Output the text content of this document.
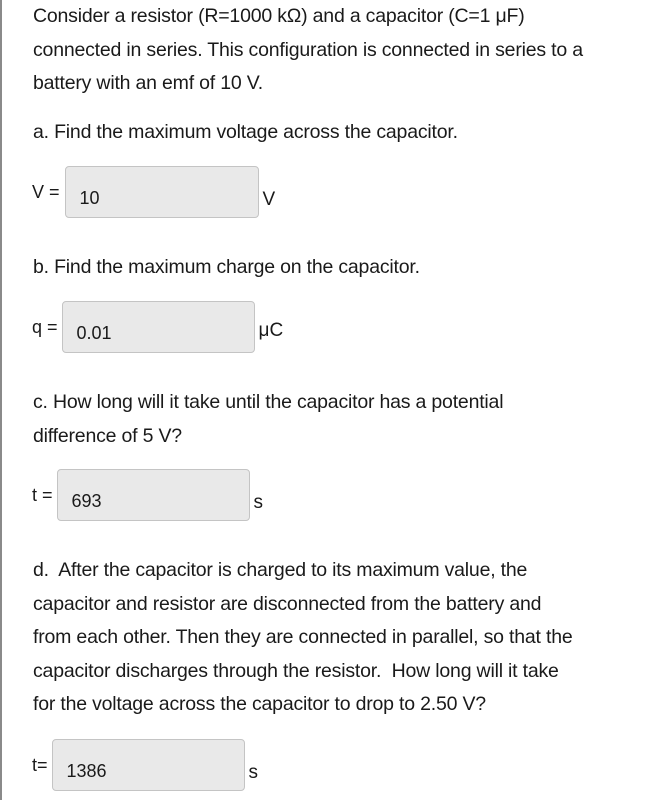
Consider a resistor (R=1000 kΩ) and a capacitor (C=1 μF)
connected in series. This configuration is connected in series to a
battery with an emf of 10 V.
a. Find the maximum voltage across the capacitor.
V =
10	V
b. Find the maximum charge on the capacitor.
q =
0.01	μC
c. How long will it take until the capacitor has a potential
difference of 5 V?
t =
693	s
d.  After the capacitor is charged to its maximum value, the
capacitor and resistor are disconnected from the battery and
from each other. Then they are connected in parallel, so that the
capacitor discharges through the resistor.  How long will it take
for the voltage across the capacitor to drop to 2.50 V?
t=
1386	s
